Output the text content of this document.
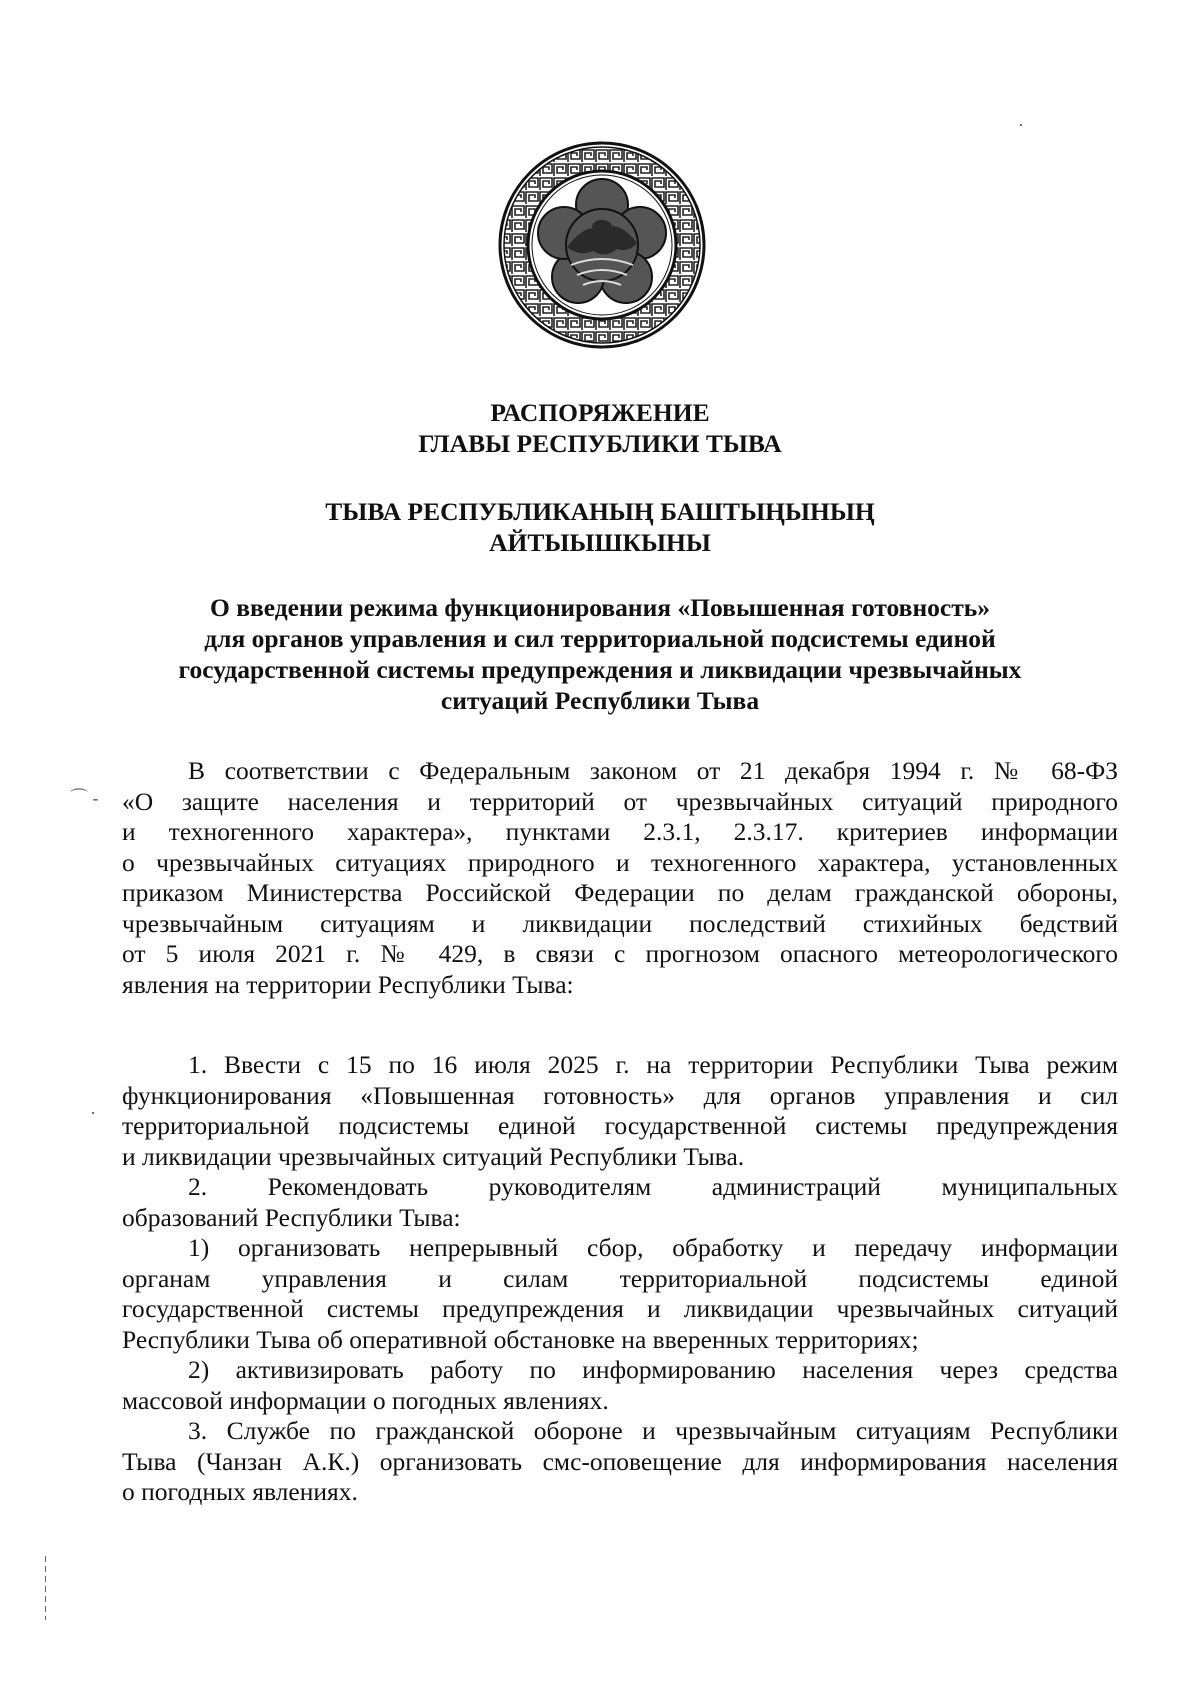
РАСПОРЯЖЕНИЕ
ГЛАВЫ РЕСПУБЛИКИ ТЫВА
ТЫВА РЕСПУБЛИКАНЫҢ БАШТЫҢЫНЫҢ
АЙТЫЫШКЫНЫ
О введении режима функционирования «Повышенная готовность»
для органов управления и сил территориальной подсистемы единой
государственной системы предупреждения и ликвидации чрезвычайных
ситуаций Республики Тыва
В соответствии с Федеральным законом от 21 декабря 1994 г. № 68-ФЗ
«О защите населения и территорий от чрезвычайных ситуаций природного
и техногенного характера», пунктами 2.3.1, 2.3.17. критериев информации
о чрезвычайных ситуациях природного и техногенного характера, установленных
приказом Министерства Российской Федерации по делам гражданской обороны,
чрезвычайным ситуациям и ликвидации последствий стихийных бедствий
от 5 июля 2021 г. № 429, в связи с прогнозом опасного метеорологического
явления на территории Республики Тыва:
1. Ввести с 15 по 16 июля 2025 г. на территории Республики Тыва режим
функционирования «Повышенная готовность» для органов управления и сил
территориальной подсистемы единой государственной системы предупреждения
и ликвидации чрезвычайных ситуаций Республики Тыва.
2. Рекомендовать руководителям администраций муниципальных
образований Республики Тыва:
1) организовать непрерывный сбор, обработку и передачу информации
органам управления и силам территориальной подсистемы единой
государственной системы предупреждения и ликвидации чрезвычайных ситуаций
Республики Тыва об оперативной обстановке на вверенных территориях;
2) активизировать работу по информированию населения через средства
массовой информации о погодных явлениях.
3. Службе по гражданской обороне и чрезвычайным ситуациям Республики
Тыва (Чанзан А.К.) организовать смс-оповещение для информирования населения
о погодных явлениях.
⌒ -
·
·
